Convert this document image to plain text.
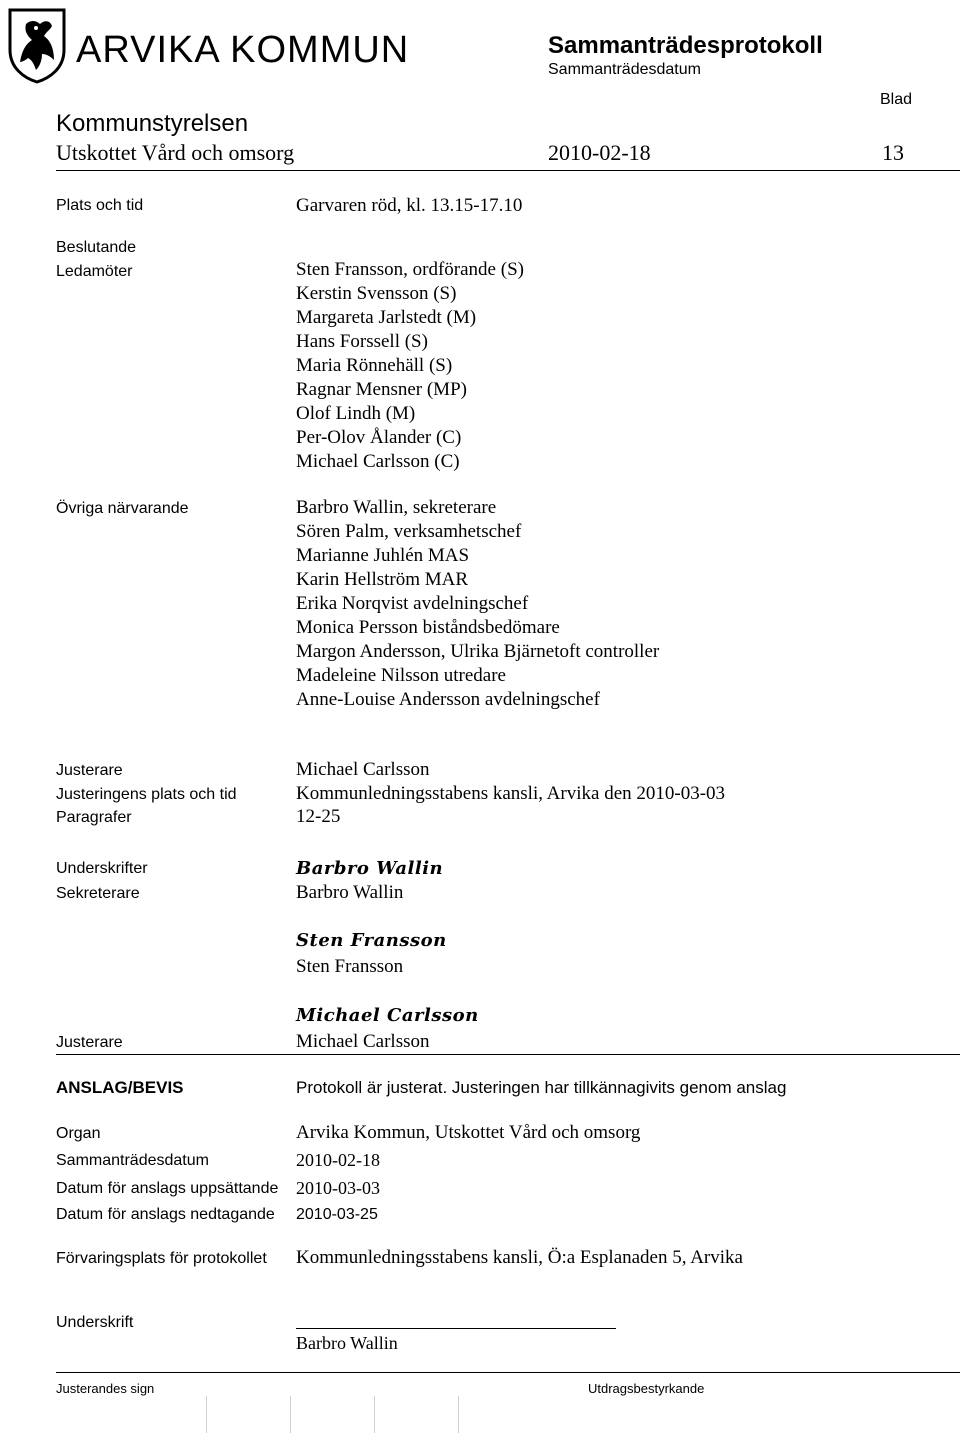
ARVIKA KOMMUN	Sammanträdesprotokoll
Sammanträdesdatum
Blad
Kommunstyrelsen
Utskottet Vård och omsorg	2010-02-18	13
Plats och tid	Garvaren röd, kl. 13.15-17.10
Beslutande
Ledamöter	Sten Fransson, ordförande (S)
Kerstin Svensson (S)
Margareta Jarlstedt (M)
Hans Forssell (S)
Maria Rönnehäll (S)
Ragnar Mensner (MP)
Olof Lindh (M)
Per-Olov Ålander (C)
Michael Carlsson (C)
Övriga närvarande	Barbro Wallin, sekreterare
Sören Palm, verksamhetschef
Marianne Juhlén MAS
Karin Hellström MAR
Erika Norqvist avdelningschef
Monica Persson biståndsbedömare
Margon Andersson, Ulrika Bjärnetoft controller
Madeleine Nilsson utredare
Anne-Louise Andersson avdelningschef
Justerare	Michael Carlsson
Justeringens plats och tid	Kommunledningsstabens kansli, Arvika den 2010-03-03
Paragrafer	12-25
Underskrifter	Barbro Wallin
Sekreterare	Barbro Wallin
Sten Fransson
Sten Fransson
Michael Carlsson
Justerare	Michael Carlsson
ANSLAG/BEVIS	Protokoll är justerat. Justeringen har tillkännagivits genom anslag
Organ	Arvika Kommun, Utskottet Vård och omsorg
Sammanträdesdatum	2010-02-18
Datum för anslags uppsättande 2010-03-03
Datum för anslags nedtagande 2010-03-25
Förvaringsplats för protokollet Kommunledningsstabens kansli, Ö:a Esplanaden 5, Arvika
Underskrift
Barbro Wallin
Justerandes sign	Utdragsbestyrkande
